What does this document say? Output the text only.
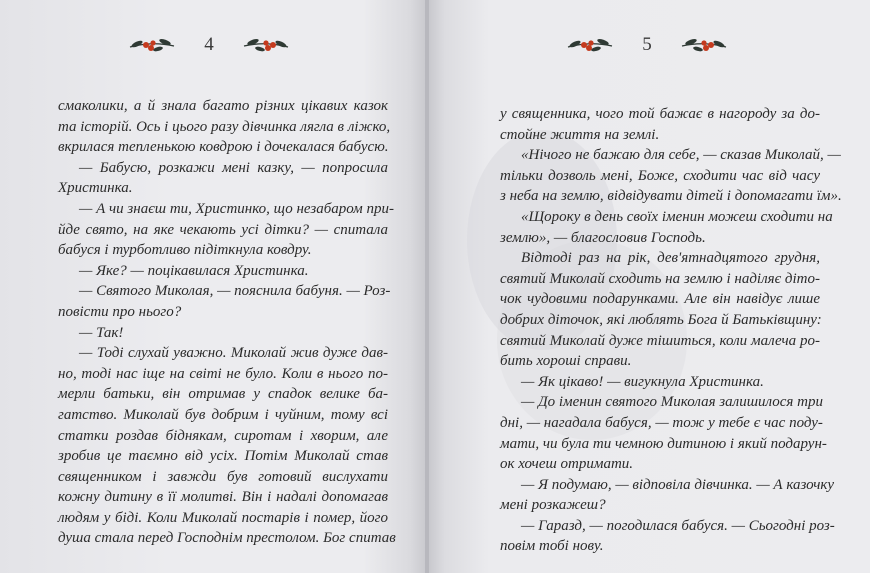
4
смаколики, а й знала багато різних цікавих казок
та історій. Ось і цього разу дівчинка лягла в ліжко,
вкрилася тепленькою ковдрою і дочекалася бабусю.
— Бабусю, розкажи мені казку, — попросила
Христинка.
— А чи знаєш ти, Христинко, що незабаром при-
йде свято, на яке чекають усі дітки? — спитала
бабуся і турботливо підіткнула ковдру.
— Яке? — поцікавилася Христинка.
— Святого Миколая, — пояснила бабуня. — Роз-
повісти про нього?
— Так!
— Тоді слухай уважно. Миколай жив дуже дав-
но, тоді нас іще на світі не було. Коли в нього по-
мерли батьки, він отримав у спадок велике ба-
гатство. Миколай був добрим і чуйним, тому всі
статки роздав біднякам, сиротам і хворим, але
зробив це таємно від усіх. Потім Миколай став
священником і завжди був готовий вислухати
кожну дитину в її молитві. Він і надалі допомагав
людям у біді. Коли Миколай постарів і помер, його
душа стала перед Господнім престолом. Бог спитав
5
у священника, чого той бажає в нагороду за до-
стойне життя на землі.
«Нічого не бажаю для себе, — сказав Миколай, —
тільки дозволь мені, Боже, сходити час від часу
з неба на землю, відвідувати дітей і допомагати їм».
«Щороку в день своїх іменин можеш сходити на
землю», — благословив Господь.
Відтоді раз на рік, дев'ятнадцятого грудня,
святий Миколай сходить на землю і наділяє діто-
чок чудовими подарунками. Але він навідує лише
добрих діточок, які люблять Бога й Батьківщину:
святий Миколай дуже тішиться, коли малеча ро-
бить хороші справи.
— Як цікаво! — вигукнула Христинка.
— До іменин святого Миколая залишилося три
дні, — нагадала бабуся, — тож у тебе є час поду-
мати, чи була ти чемною дитиною і який подарун-
ок хочеш отримати.
— Я подумаю, — відповіла дівчинка. — А казочку
мені розкажеш?
— Гаразд, — погодилася бабуся. — Сьогодні роз-
повім тобі нову.
